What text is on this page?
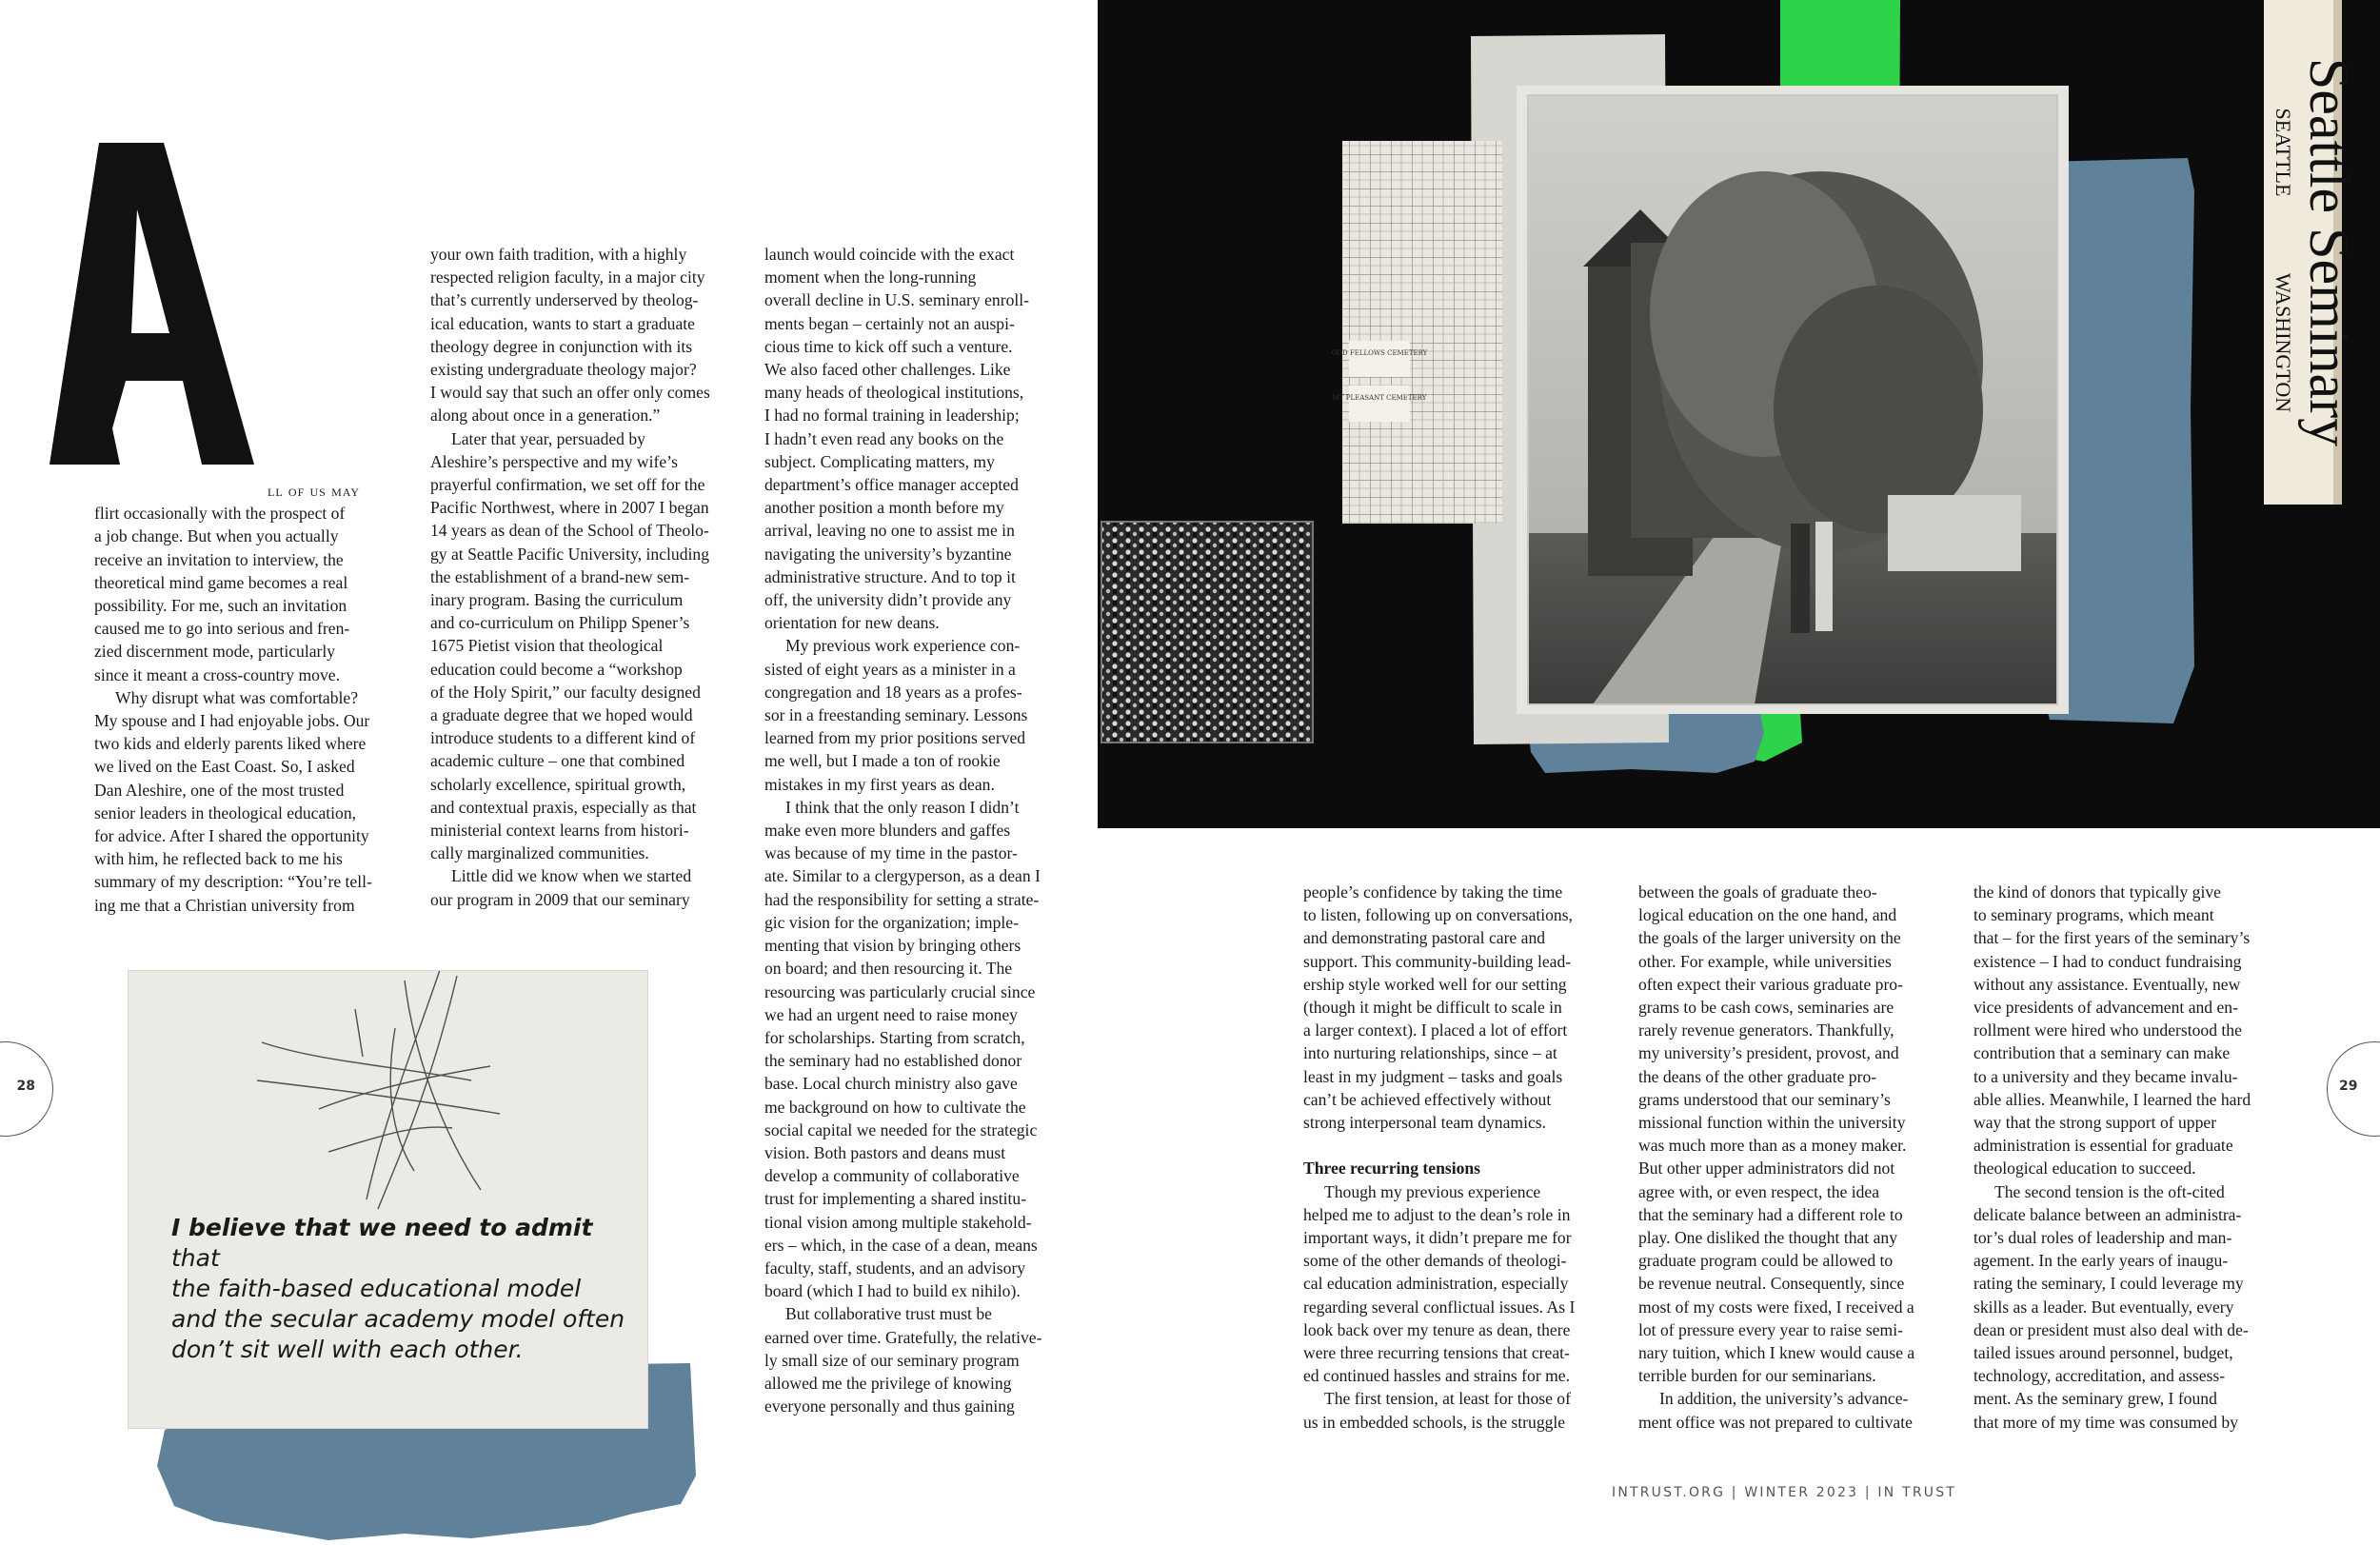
ll of us may
flirt occasionally with the prospect of
a job change. But when you actually
receive an invitation to interview, the
theoretical mind game becomes a real
possibility. For me, such an invitation
caused me to go into serious and fren-
zied discernment mode, particularly
since it meant a cross-country move.
Why disrupt what was comfortable?
My spouse and I had enjoyable jobs. Our
two kids and elderly parents liked where
we lived on the East Coast. So, I asked
Dan Aleshire, one of the most trusted
senior leaders in theological education,
for advice. After I shared the opportunity
with him, he reflected back to me his
summary of my description: “You’re tell-
ing me that a Christian university from
your own faith tradition, with a highly
respected religion faculty, in a major city
that’s currently underserved by theolog-
ical education, wants to start a graduate
theology degree in conjunction with its
existing undergraduate theology major?
I would say that such an offer only comes
along about once in a generation.”
Later that year, persuaded by
Aleshire’s perspective and my wife’s
prayerful confirmation, we set off for the
Pacific Northwest, where in 2007 I began
14 years as dean of the School of Theolo-
gy at Seattle Pacific University, including
the establishment of a brand-new sem-
inary program. Basing the curriculum
and co-curriculum on Philipp Spener’s
1675 Pietist vision that theological
education could become a “workshop
of the Holy Spirit,” our faculty designed
a graduate degree that we hoped would
introduce students to a different kind of
academic culture – one that combined
scholarly excellence, spiritual growth,
and contextual praxis, especially as that
ministerial context learns from histori-
cally marginalized communities.
Little did we know when we started
our program in 2009 that our seminary
launch would coincide with the exact
moment when the long-running
overall decline in U.S. seminary enroll-
ments began – certainly not an auspi-
cious time to kick off such a venture.
We also faced other challenges. Like
many heads of theological institutions,
I had no formal training in leadership;
I hadn’t even read any books on the
subject. Complicating matters, my
department’s office manager accepted
another position a month before my
arrival, leaving no one to assist me in
navigating the university’s byzantine
administrative structure. And to top it
off, the university didn’t provide any
orientation for new deans.
My previous work experience con-
sisted of eight years as a minister in a
congregation and 18 years as a profes-
sor in a freestanding seminary. Lessons
learned from my prior positions served
me well, but I made a ton of rookie
mistakes in my first years as dean.
I think that the only reason I didn’t
make even more blunders and gaffes
was because of my time in the pastor-
ate. Similar to a clergyperson, as a dean I
had the responsibility for setting a strate-
gic vision for the organization; imple-
menting that vision by bringing others
on board; and then resourcing it. The
resourcing was particularly crucial since
we had an urgent need to raise money
for scholarships. Starting from scratch,
the seminary had no established donor
base. Local church ministry also gave
me background on how to cultivate the
social capital we needed for the strategic
vision. Both pastors and deans must
develop a community of collaborative
trust for implementing a shared institu-
tional vision among multiple stakehold-
ers – which, in the case of a dean, means
faculty, staff, students, and an advisory
board (which I had to build ex nihilo).
But collaborative trust must be
earned over time. Gratefully, the relative-
ly small size of our seminary program
allowed me the privilege of knowing
everyone personally and thus gaining
I believe that we need to admit that
the faith-based educational model
and the secular academy model often
don’t sit well with each other.
28	29
ODD FELLOWS CEMETERY
MT PLEASANT CEMETERY	Seattle Seminary
SEATTLE
WASHINGTON
people’s confidence by taking the time
to listen, following up on conversations,
and demonstrating pastoral care and
support. This community-building lead-
ership style worked well for our setting
(though it might be difficult to scale in
a larger context). I placed a lot of effort
into nurturing relationships, since – at
least in my judgment – tasks and goals
can’t be achieved effectively without
strong interpersonal team dynamics.
Three recurring tensions
Though my previous experience
helped me to adjust to the dean’s role in
important ways, it didn’t prepare me for
some of the other demands of theologi-
cal education administration, especially
regarding several conflictual issues. As I
look back over my tenure as dean, there
were three recurring tensions that creat-
ed continued hassles and strains for me.
The first tension, at least for those of
us in embedded schools, is the struggle
between the goals of graduate theo-
logical education on the one hand, and
the goals of the larger university on the
other. For example, while universities
often expect their various graduate pro-
grams to be cash cows, seminaries are
rarely revenue generators. Thankfully,
my university’s president, provost, and
the deans of the other graduate pro-
grams understood that our seminary’s
missional function within the university
was much more than as a money maker.
But other upper administrators did not
agree with, or even respect, the idea
that the seminary had a different role to
play. One disliked the thought that any
graduate program could be allowed to
be revenue neutral. Consequently, since
most of my costs were fixed, I received a
lot of pressure every year to raise semi-
nary tuition, which I knew would cause a
terrible burden for our seminarians.
In addition, the university’s advance-
ment office was not prepared to cultivate
the kind of donors that typically give
to seminary programs, which meant
that – for the first years of the seminary’s
existence – I had to conduct fundraising
without any assistance. Eventually, new
vice presidents of advancement and en-
rollment were hired who understood the
contribution that a seminary can make
to a university and they became invalu-
able allies. Meanwhile, I learned the hard
way that the strong support of upper
administration is essential for graduate
theological education to succeed.
The second tension is the oft-cited
delicate balance between an administra-
tor’s dual roles of leadership and man-
agement. In the early years of inaugu-
rating the seminary, I could leverage my
skills as a leader. But eventually, every
dean or president must also deal with de-
tailed issues around personnel, budget,
technology, accreditation, and assess-
ment. As the seminary grew, I found
that more of my time was consumed by
INTRUST.ORG | WINTER 2023 | IN TRUST
